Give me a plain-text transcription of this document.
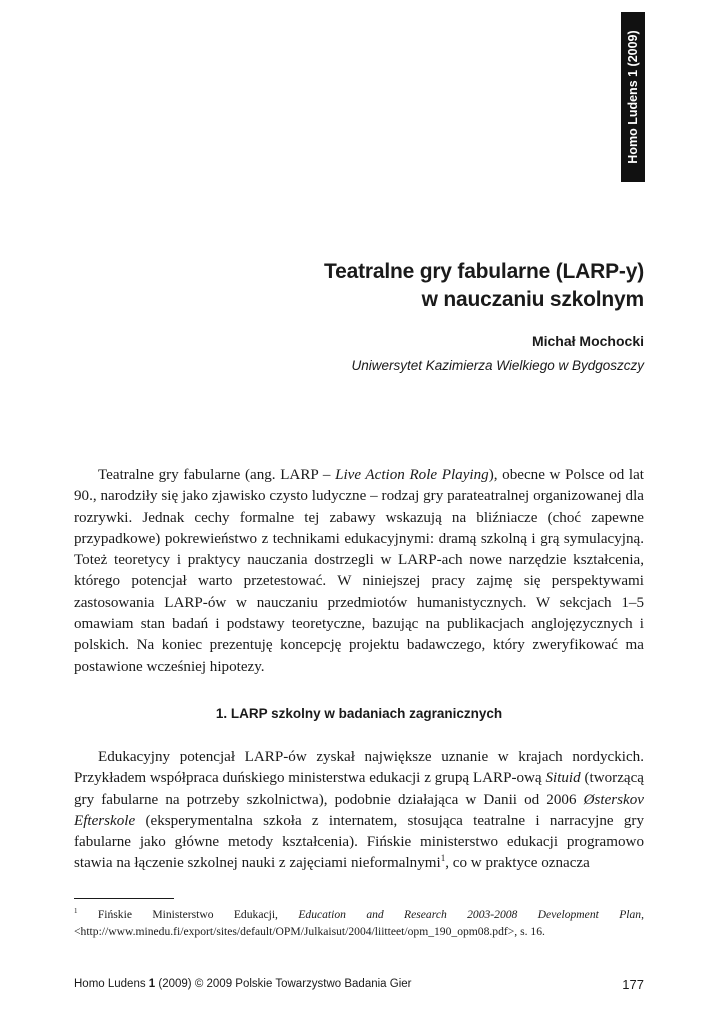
Homo Ludens 1 (2009)
Teatralne gry fabularne (LARP-y)
w nauczaniu szkolnym
Michał Mochocki
Uniwersytet Kazimierza Wielkiego w Bydgoszczy

Teatralne gry fabularne (ang. LARP – Live Action Role Playing), obecne w Polsce od lat 90., narodziły się jako zjawisko czysto ludyczne – rodzaj gry parateatralnej organizowanej dla rozrywki. Jednak cechy formalne tej zabawy wskazują na bliźniacze (choć zapewne przypadkowe) pokrewieństwo z technikami edukacyjnymi: dramą szkolną i grą symulacyjną. Toteż teoretycy i praktycy nauczania dostrzegli w LARP-ach nowe narzędzie kształcenia, którego potencjał warto przetestować. W niniejszej pracy zajmę się perspektywami zastosowania LARP-ów w nauczaniu przedmiotów humanistycznych. W sekcjach 1–5 omawiam stan badań i podstawy teoretyczne, bazując na publikacjach anglojęzycznych i polskich. Na koniec prezentuję koncepcję projektu badawczego, który zweryfikować ma postawione wcześniej hipotezy.

1. LARP szkolny w badaniach zagranicznych

Edukacyjny potencjał LARP-ów zyskał największe uznanie w krajach nordyckich. Przykładem współpraca duńskiego ministerstwa edukacji z grupą LARP-ową Situid (tworzącą gry fabularne na potrzeby szkolnictwa), podobnie działająca w Danii od 2006 Østerskov Efterskole (eksperymentalna szkoła z internatem, stosująca teatralne i narracyjne gry fabularne jako główne metody kształcenia). Fińskie ministerstwo edukacji programowo stawia na łączenie szkolnej nauki z zajęciami nieformalnymi$^1$, co w praktyce oznacza

$^1$ Fińskie Ministerstwo Edukacji, Education and Research 2003-2008 Development Plan, <http://www.minedu.fi/export/sites/default/OPM/Julkaisut/2004/liitteet/opm_190_opm08.pdf>, s. 16.

Homo Ludens 1 (2009) © 2009 Polskie Towarzystwo Badania Gier	177
